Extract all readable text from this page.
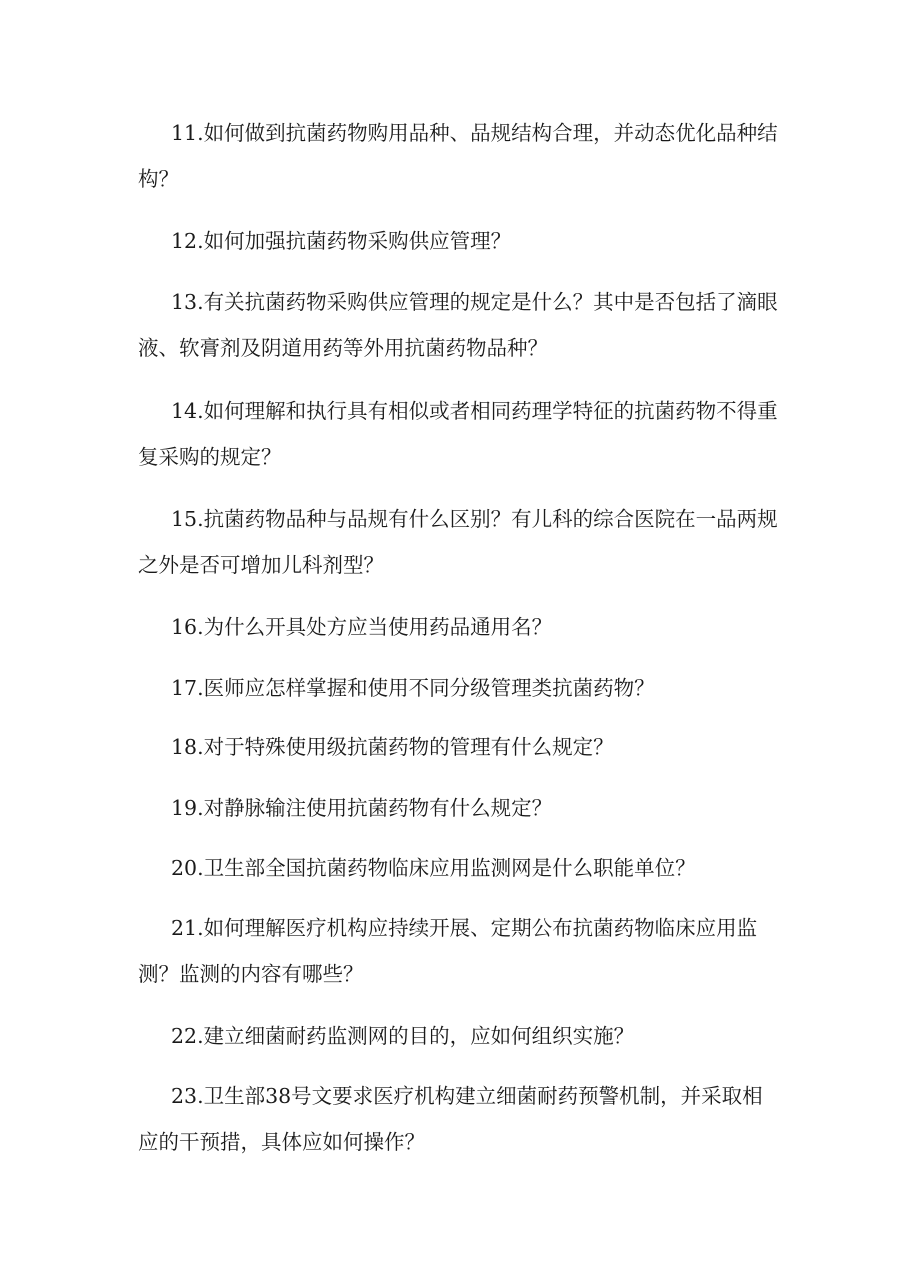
11.如何做到抗菌药物购用品种、品规结构合理，并动态优化品种结构？

12.如何加强抗菌药物采购供应管理？

13.有关抗菌药物采购供应管理的规定是什么？其中是否包括了滴眼液、软膏剂及阴道用药等外用抗菌药物品种？

14.如何理解和执行具有相似或者相同药理学特征的抗菌药物不得重复采购的规定？

15.抗菌药物品种与品规有什么区别？有儿科的综合医院在一品两规之外是否可增加儿科剂型？

16.为什么开具处方应当使用药品通用名？

17.医师应怎样掌握和使用不同分级管理类抗菌药物？

18.对于特殊使用级抗菌药物的管理有什么规定？

19.对静脉输注使用抗菌药物有什么规定？

20.卫生部全国抗菌药物临床应用监测网是什么职能单位？

21.如何理解医疗机构应持续开展、定期公布抗菌药物临床应用监测？监测的内容有哪些？

22.建立细菌耐药监测网的目的，应如何组织实施？

23.卫生部38号文要求医疗机构建立细菌耐药预警机制，并采取相应的干预措，具体应如何操作？
